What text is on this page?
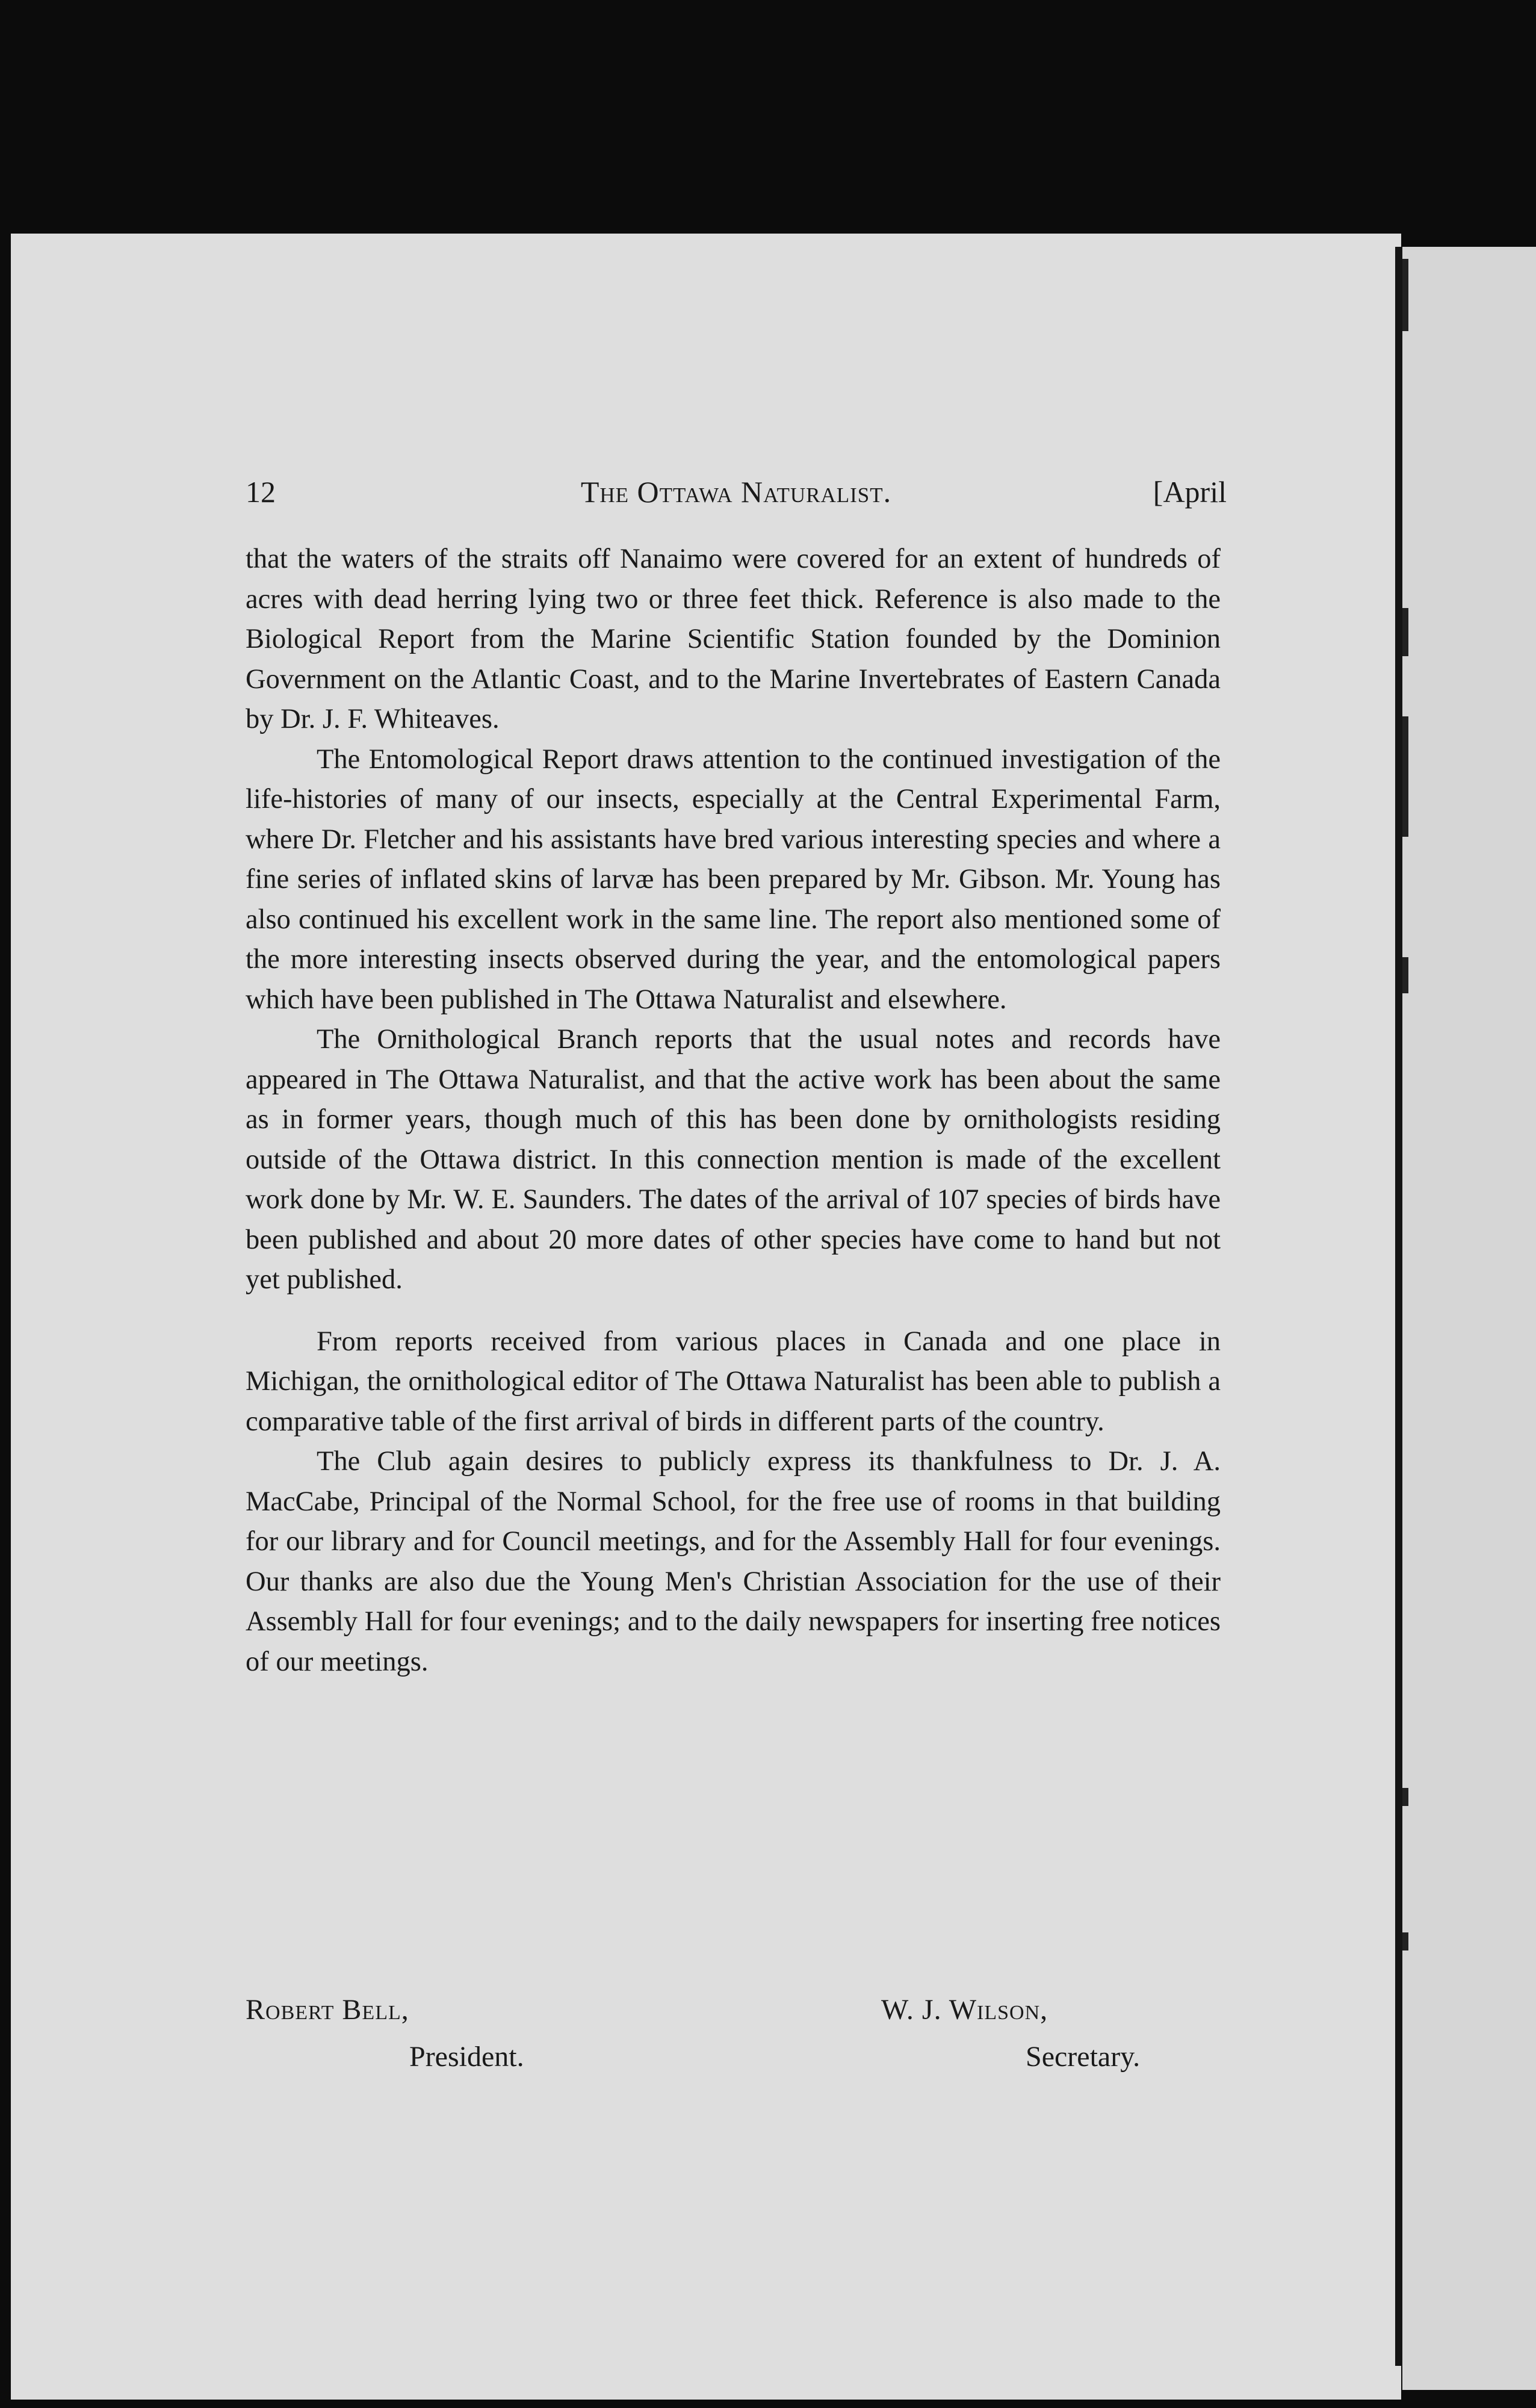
12	The Ottawa Naturalist.	[April

that the waters of the straits off Nanaimo were covered for an extent of hundreds of acres with dead herring lying two or three feet thick. Reference is also made to the Biological Report from the Marine Scientific Station founded by the Dominion Government on the Atlantic Coast, and to the Marine Invertebrates of Eastern Canada by Dr. J. F. Whiteaves.

The Entomological Report draws attention to the continued investigation of the life-histories of many of our insects, especially at the Central Experimental Farm, where Dr. Fletcher and his assistants have bred various interesting species and where a fine series of inflated skins of larvæ has been prepared by Mr. Gibson. Mr. Young has also continued his excellent work in the same line. The report also mentioned some of the more interesting insects observed during the year, and the entomological papers which have been published in The Ottawa Naturalist and elsewhere.

The Ornithological Branch reports that the usual notes and records have appeared in The Ottawa Naturalist, and that the active work has been about the same as in former years, though much of this has been done by ornithologists residing outside of the Ottawa district. In this connection mention is made of the excellent work done by Mr. W. E. Saunders. The dates of the arrival of 107 species of birds have been published and about 20 more dates of other species have come to hand but not yet published.

From reports received from various places in Canada and one place in Michigan, the ornithological editor of The Ottawa Naturalist has been able to publish a comparative table of the first arrival of birds in different parts of the country.

The Club again desires to publicly express its thankfulness to Dr. J. A. MacCabe, Principal of the Normal School, for the free use of rooms in that building for our library and for Council meetings, and for the Assembly Hall for four evenings. Our thanks are also due the Young Men's Christian Association for the use of their Assembly Hall for four evenings; and to the daily newspapers for inserting free notices of our meetings.

Robert Bell,
President.
W. J. Wilson,
Secretary.
